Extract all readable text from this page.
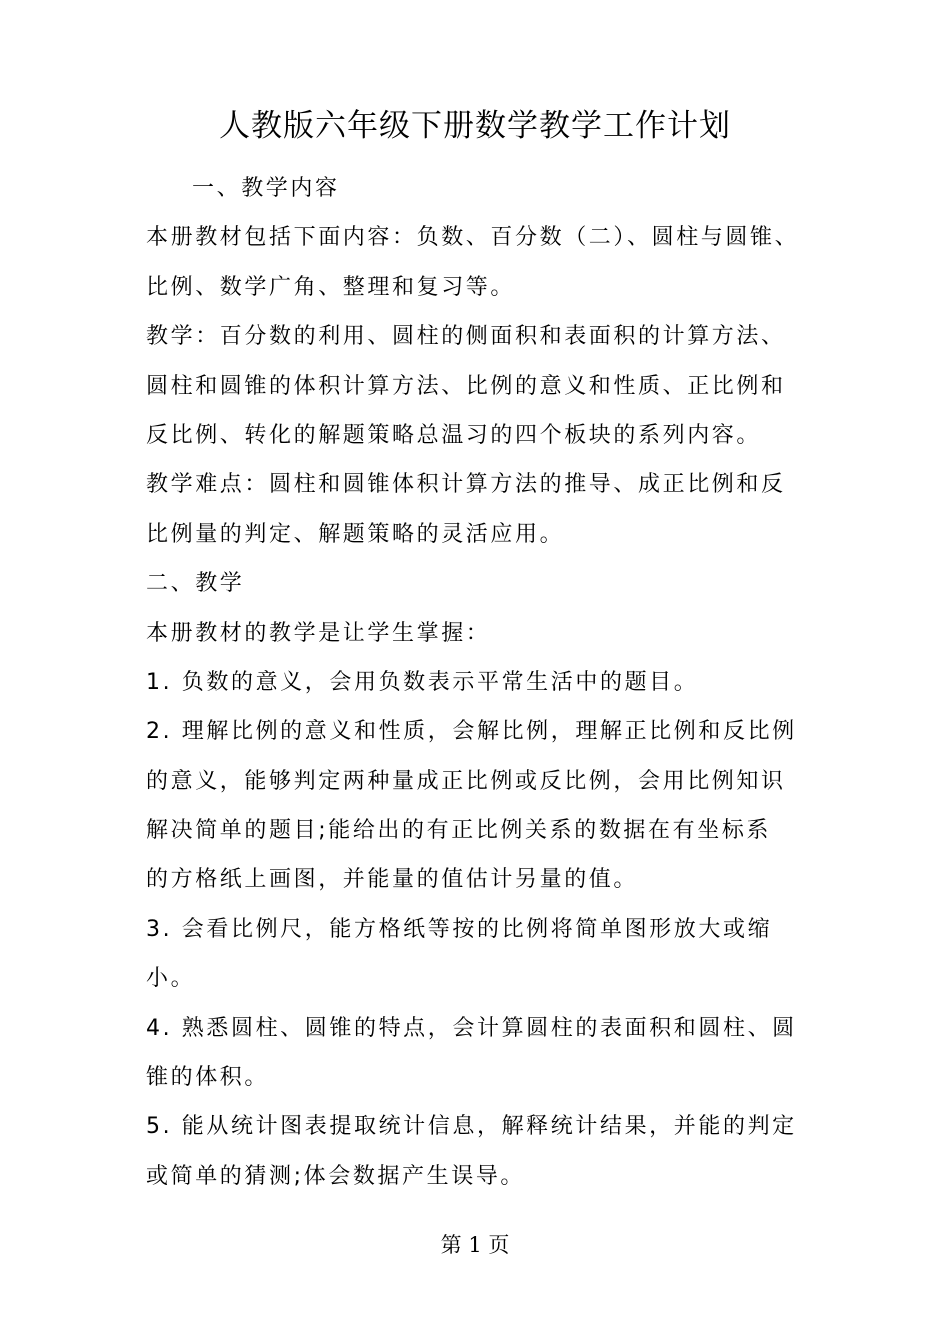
人教版六年级下册数学教学工作计划
一、教学内容
本册教材包括下面内容：负数、百分数（二）、圆柱与圆锥、
比例、数学广角、整理和复习等。
教学：百分数的利用、圆柱的侧面积和表面积的计算方法、
圆柱和圆锥的体积计算方法、比例的意义和性质、正比例和
反比例、转化的解题策略总温习的四个板块的系列内容。
教学难点：圆柱和圆锥体积计算方法的推导、成正比例和反
比例量的判定、解题策略的灵活应用。
二、教学
本册教材的教学是让学生掌握：
1. 负数的意义，会用负数表示平常生活中的题目。
2. 理解比例的意义和性质，会解比例，理解正比例和反比例
的意义，能够判定两种量成正比例或反比例，会用比例知识
解决简单的题目;能给出的有正比例关系的数据在有坐标系
的方格纸上画图，并能量的值估计另量的值。
3. 会看比例尺，能方格纸等按的比例将简单图形放大或缩
小。
4. 熟悉圆柱、圆锥的特点，会计算圆柱的表面积和圆柱、圆
锥的体积。
5. 能从统计图表提取统计信息，解释统计结果，并能的判定
或简单的猜测;体会数据产生误导。
第 1 页
